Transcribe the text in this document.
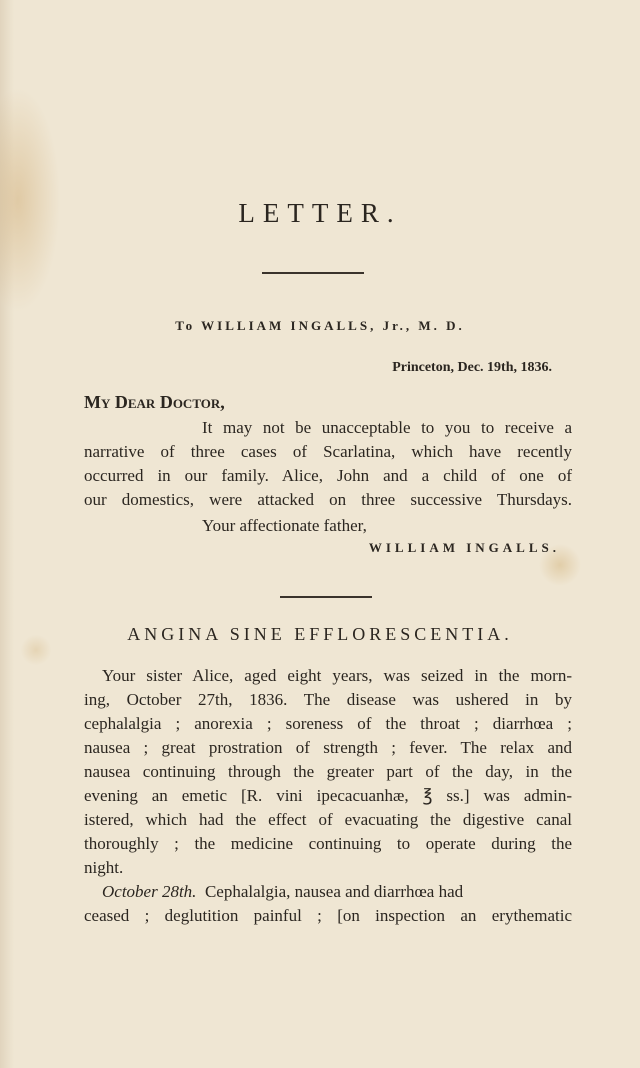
LETTER.
To WILLIAM INGALLS, Jr., M. D.
Princeton, Dec. 19th, 1836.
My Dear Doctor,
It may not be unacceptable to you to receive a
narrative of three cases of Scarlatina, which have recently
occurred in our family. Alice, John and a child of one of
our domestics, were attacked on three successive Thursdays.
Your affectionate father,
WILLIAM INGALLS.
ANGINA SINE EFFLORESCENTIA.
Your sister Alice, aged eight years, was seized in the morn-
ing, October 27th, 1836. The disease was ushered in by
cephalalgia ; anorexia ; soreness of the throat ; diarrhœa ;
nausea ; great prostration of strength ; fever. The relax and
nausea continuing through the greater part of the day, in the
evening an emetic [R. vini ipecacuanhæ, ℥ ss.] was admin-
istered, which had the effect of evacuating the digestive canal
thoroughly ; the medicine continuing to operate during the
night.
October 28th.  Cephalalgia, nausea and diarrhœa had
ceased ; deglutition painful ; [on inspection an erythematic
